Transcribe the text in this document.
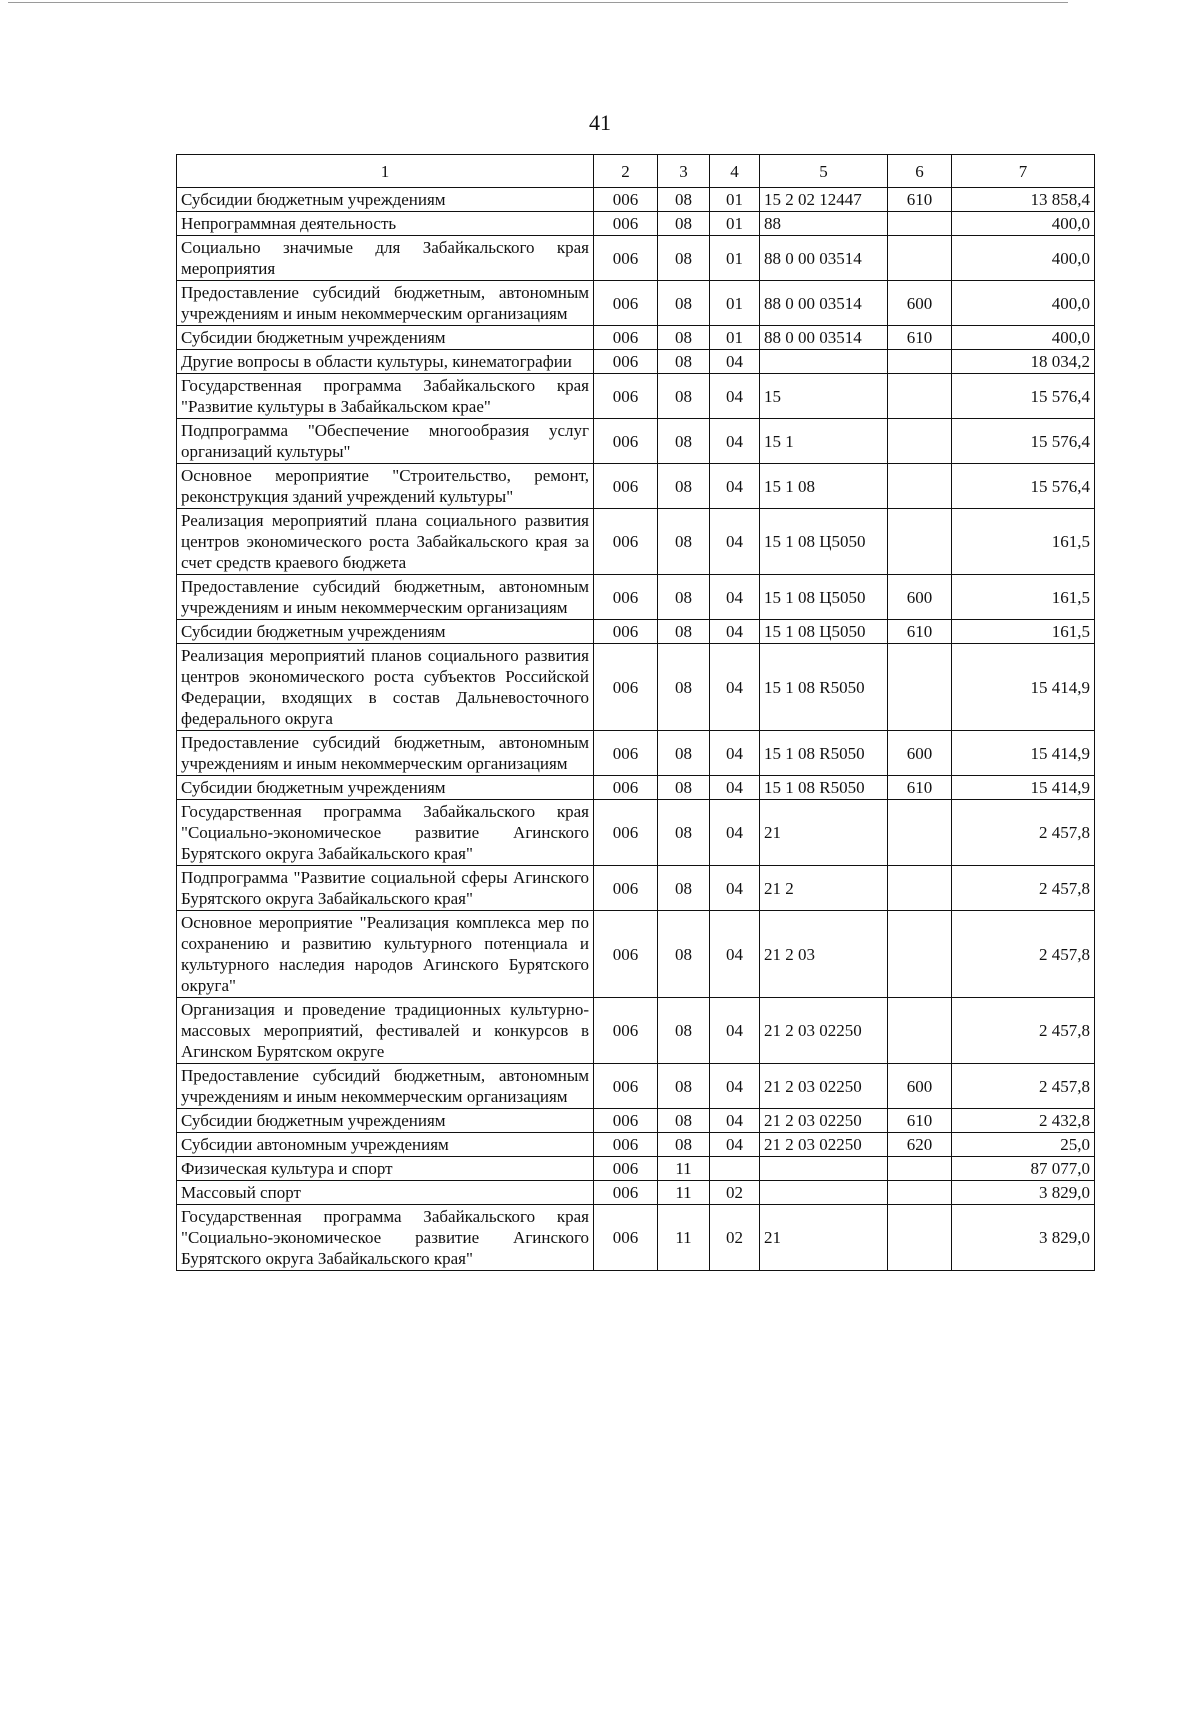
41
1	2	3	4	5	6	7
Субсидии бюджетным учреждениям	006	08	01	15 2 02 12447	610	13 858,4
Непрограммная деятельность	006	08	01	88		400,0
Социально значимые для Забайкальского края мероприятия	006	08	01	88 0 00 03514		400,0
Предоставление субсидий бюджетным, автономным учреждениям и иным некоммерческим организациям	006	08	01	88 0 00 03514	600	400,0
Субсидии бюджетным учреждениям	006	08	01	88 0 00 03514	610	400,0
Другие вопросы в области культуры, кинематографии	006	08	04			18 034,2
Государственная программа Забайкальского края "Развитие культуры в Забайкальском крае"	006	08	04	15		15 576,4
Подпрограмма "Обеспечение многообразия услуг организаций культуры"	006	08	04	15 1		15 576,4
Основное мероприятие "Строительство, ремонт, реконструкция зданий учреждений культуры"	006	08	04	15 1 08		15 576,4
Реализация мероприятий плана социального развития центров экономического роста Забайкальского края за счет средств краевого бюджета	006	08	04	15 1 08 Ц5050		161,5
Предоставление субсидий бюджетным, автономным учреждениям и иным некоммерческим организациям	006	08	04	15 1 08 Ц5050	600	161,5
Субсидии бюджетным учреждениям	006	08	04	15 1 08 Ц5050	610	161,5
Реализация мероприятий планов социального развития центров экономического роста субъектов Российской Федерации, входящих в состав Дальневосточного федерального округа	006	08	04	15 1 08 R5050		15 414,9
Предоставление субсидий бюджетным, автономным учреждениям и иным некоммерческим организациям	006	08	04	15 1 08 R5050	600	15 414,9
Субсидии бюджетным учреждениям	006	08	04	15 1 08 R5050	610	15 414,9
Государственная программа Забайкальского края "Социально-экономическое развитие Агинского Бурятского округа Забайкальского края"	006	08	04	21		2 457,8
Подпрограмма "Развитие социальной сферы Агинского Бурятского округа Забайкальского края"	006	08	04	21 2		2 457,8
Основное мероприятие "Реализация комплекса мер по сохранению и развитию культурного потенциала и культурного наследия народов Агинского Бурятского округа"	006	08	04	21 2 03		2 457,8
Организация и проведение традиционных культурно-массовых мероприятий, фестивалей и конкурсов в Агинском Бурятском округе	006	08	04	21 2 03 02250		2 457,8
Предоставление субсидий бюджетным, автономным учреждениям и иным некоммерческим организациям	006	08	04	21 2 03 02250	600	2 457,8
Субсидии бюджетным учреждениям	006	08	04	21 2 03 02250	610	2 432,8
Субсидии автономным учреждениям	006	08	04	21 2 03 02250	620	25,0
Физическая культура и спорт	006	11				87 077,0
Массовый спорт	006	11	02			3 829,0
Государственная программа Забайкальского края "Социально-экономическое развитие Агинского Бурятского округа Забайкальского края"	006	11	02	21		3 829,0
